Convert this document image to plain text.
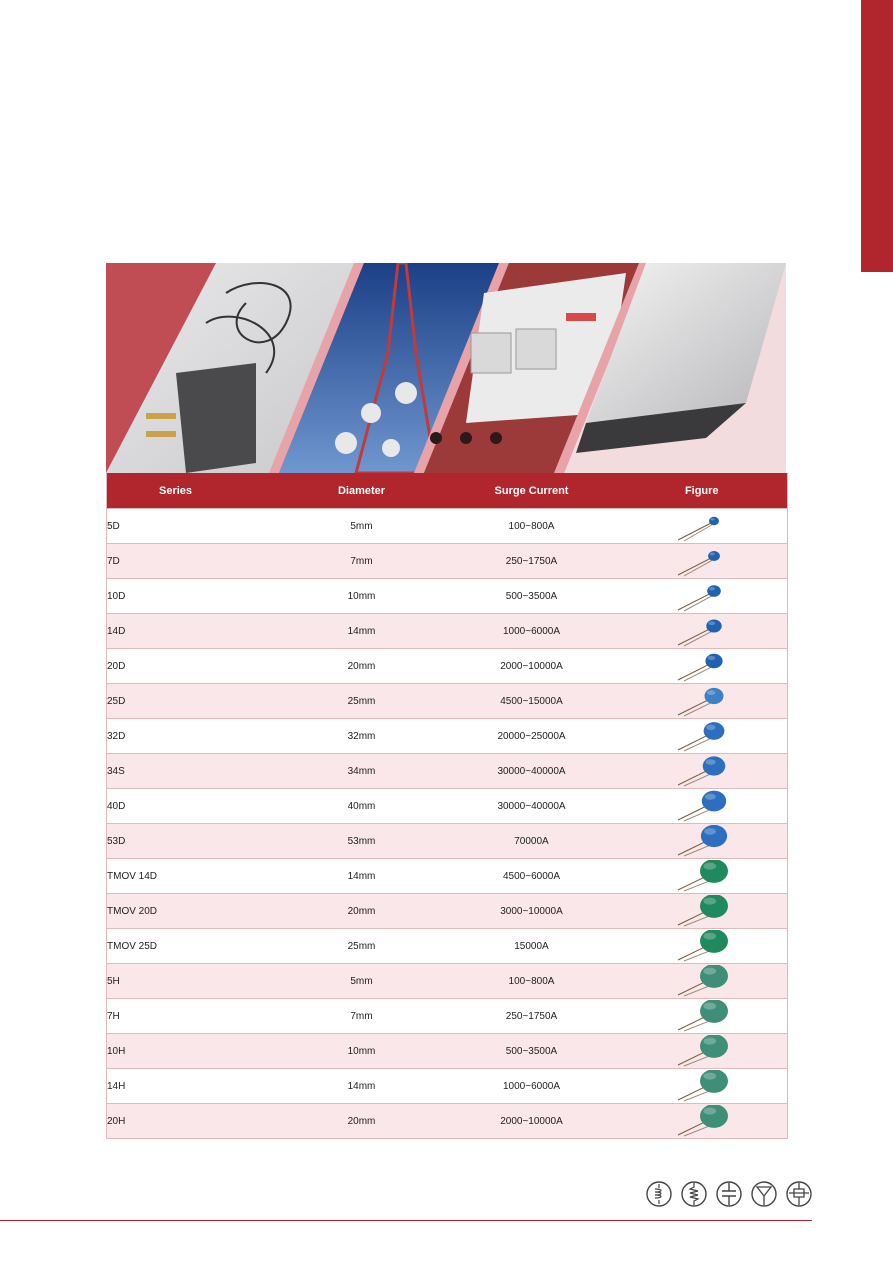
Series	Diameter	Surge Current	Figure
5D	5mm	100~800A	

7D	7mm	250~1750A	

10D	10mm	500~3500A	

14D	14mm	1000~6000A	

20D	20mm	2000~10000A	

25D	25mm	4500~15000A	

32D	32mm	20000~25000A	

34S	34mm	30000~40000A	

40D	40mm	30000~40000A	

53D	53mm	70000A	

TMOV 14D	14mm	4500~6000A	

TMOV 20D	20mm	3000~10000A	

TMOV 25D	25mm	15000A	

5H	5mm	100~800A	

7H	7mm	250~1750A	

10H	10mm	500~3500A	

14H	14mm	1000~6000A	

20H	20mm	2000~10000A	
